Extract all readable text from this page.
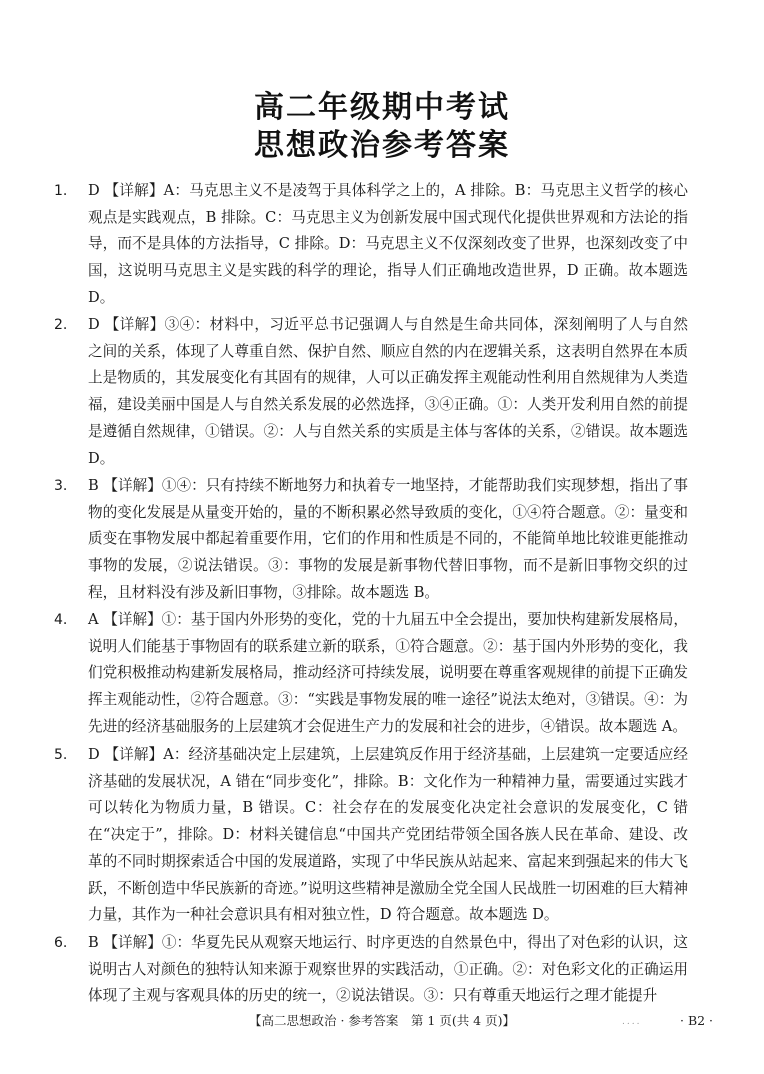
高二年级期中考试
思想政治参考答案
1.	D 【详解】A：马克思主义不是凌驾于具体科学之上的，A 排除。B：马克思主义哲学的核心观点是实践观点，B 排除。C：马克思主义为创新发展中国式现代化提供世界观和方法论的指导，而不是具体的方法指导，C 排除。D：马克思主义不仅深刻改变了世界，也深刻改变了中国，这说明马克思主义是实践的科学的理论，指导人们正确地改造世界，D 正确。故本题选 D。
2.	D 【详解】③④：材料中，习近平总书记强调人与自然是生命共同体，深刻阐明了人与自然之间的关系，体现了人尊重自然、保护自然、顺应自然的内在逻辑关系，这表明自然界在本质上是物质的，其发展变化有其固有的规律，人可以正确发挥主观能动性利用自然规律为人类造福，建设美丽中国是人与自然关系发展的必然选择，③④正确。①：人类开发利用自然的前提是遵循自然规律，①错误。②：人与自然关系的实质是主体与客体的关系，②错误。故本题选 D。
3.	B 【详解】①④：只有持续不断地努力和执着专一地坚持，才能帮助我们实现梦想，指出了事物的变化发展是从量变开始的，量的不断积累必然导致质的变化，①④符合题意。②：量变和质变在事物发展中都起着重要作用，它们的作用和性质是不同的，不能简单地比较谁更能推动事物的发展，②说法错误。③：事物的发展是新事物代替旧事物，而不是新旧事物交织的过程，且材料没有涉及新旧事物，③排除。故本题选 B。
4.	A 【详解】①：基于国内外形势的变化，党的十九届五中全会提出，要加快构建新发展格局，说明人们能基于事物固有的联系建立新的联系，①符合题意。②：基于国内外形势的变化，我们党积极推动构建新发展格局，推动经济可持续发展，说明要在尊重客观规律的前提下正确发挥主观能动性，②符合题意。③：“实践是事物发展的唯一途径”说法太绝对，③错误。④：为先进的经济基础服务的上层建筑才会促进生产力的发展和社会的进步，④错误。故本题选 A。
5.	D 【详解】A：经济基础决定上层建筑，上层建筑反作用于经济基础，上层建筑一定要适应经济基础的发展状况，A 错在“同步变化”，排除。B：文化作为一种精神力量，需要通过实践才可以转化为物质力量，B 错误。C：社会存在的发展变化决定社会意识的发展变化，C 错在“决定于”，排除。D：材料关键信息“中国共产党团结带领全国各族人民在革命、建设、改革的不同时期探索适合中国的发展道路，实现了中华民族从站起来、富起来到强起来的伟大飞跃，不断创造中华民族新的奇迹。”说明这些精神是激励全党全国人民战胜一切困难的巨大精神力量，其作为一种社会意识具有相对独立性，D 符合题意。故本题选 D。
6.	B 【详解】①：华夏先民从观察天地运行、时序更迭的自然景色中，得出了对色彩的认识，这说明古人对颜色的独特认知来源于观察世界的实践活动，①正确。②：对色彩文化的正确运用体现了主观与客观具体的历史的统一，②说法错误。③：只有尊重天地运行之理才能提升
【高二思想政治 · 参考答案　第 1 页(共 4 页)】	....	· B2 ·
